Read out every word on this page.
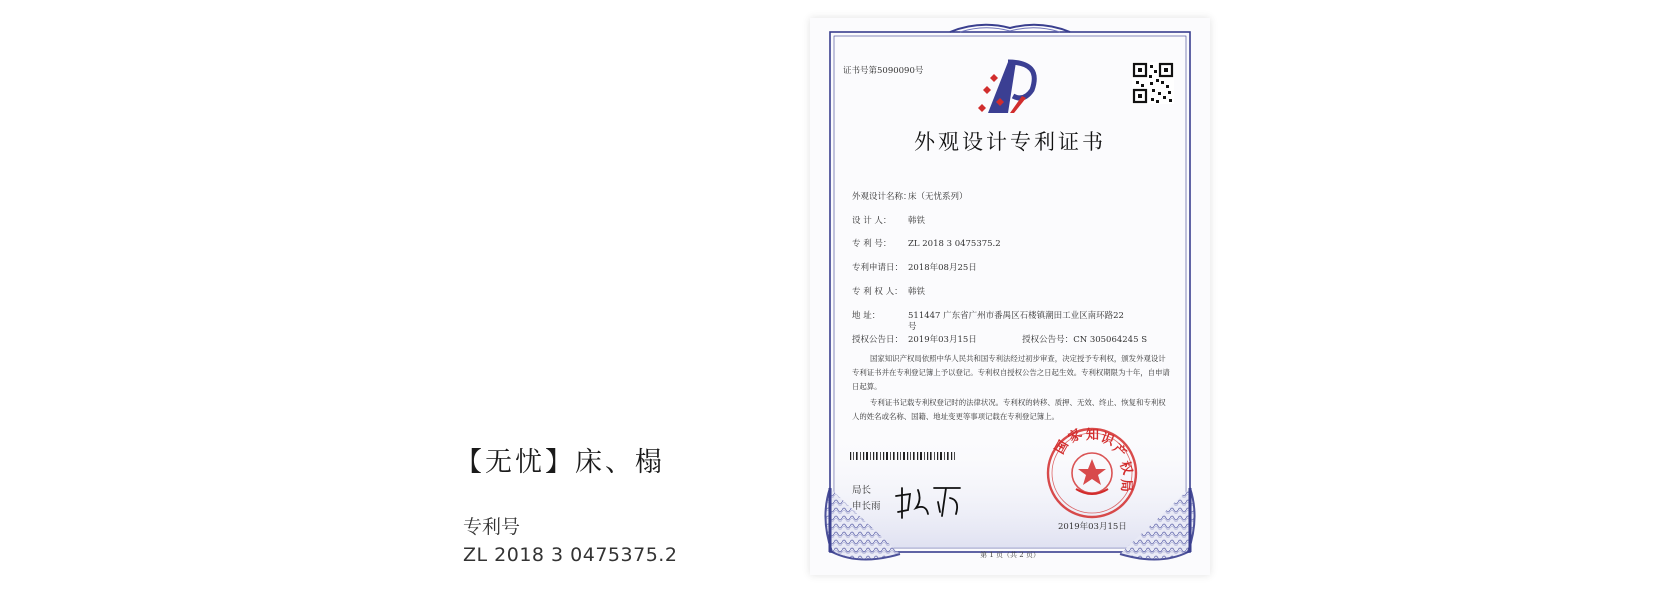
【无忧】床、榻
专利号
ZL 2018 3 0475375.2
国
家 知 识
产
权
局
证书号第5090090号
外观设计专利证书
外观设计名称：床（无忧系列）
设 计 人： 韩铁
专 利 号： ZL 2018 3 0475375.2
专利申请日： 2018年08月25日
专 利 权 人： 韩铁
地 址：	511447 广东省广州市番禺区石楼镇潮田工业区南环路22
号
授权公告日： 2019年03月15日	授权公告号：CN 305064245 S
国家知识产权局依照中华人民共和国专利法经过初步审查，决定授予专利权，颁发外观设计专利证书并在专利登记簿上予以登记。专利权自授权公告之日起生效。专利权期限为十年，自申请日起算。
专利证书记载专利权登记时的法律状况。专利权的转移、质押、无效、终止、恢复和专利权人的姓名或名称、国籍、地址变更等事项记载在专利登记簿上。
局长
申长雨
2019年03月15日
第 1 页（共 2 页）
